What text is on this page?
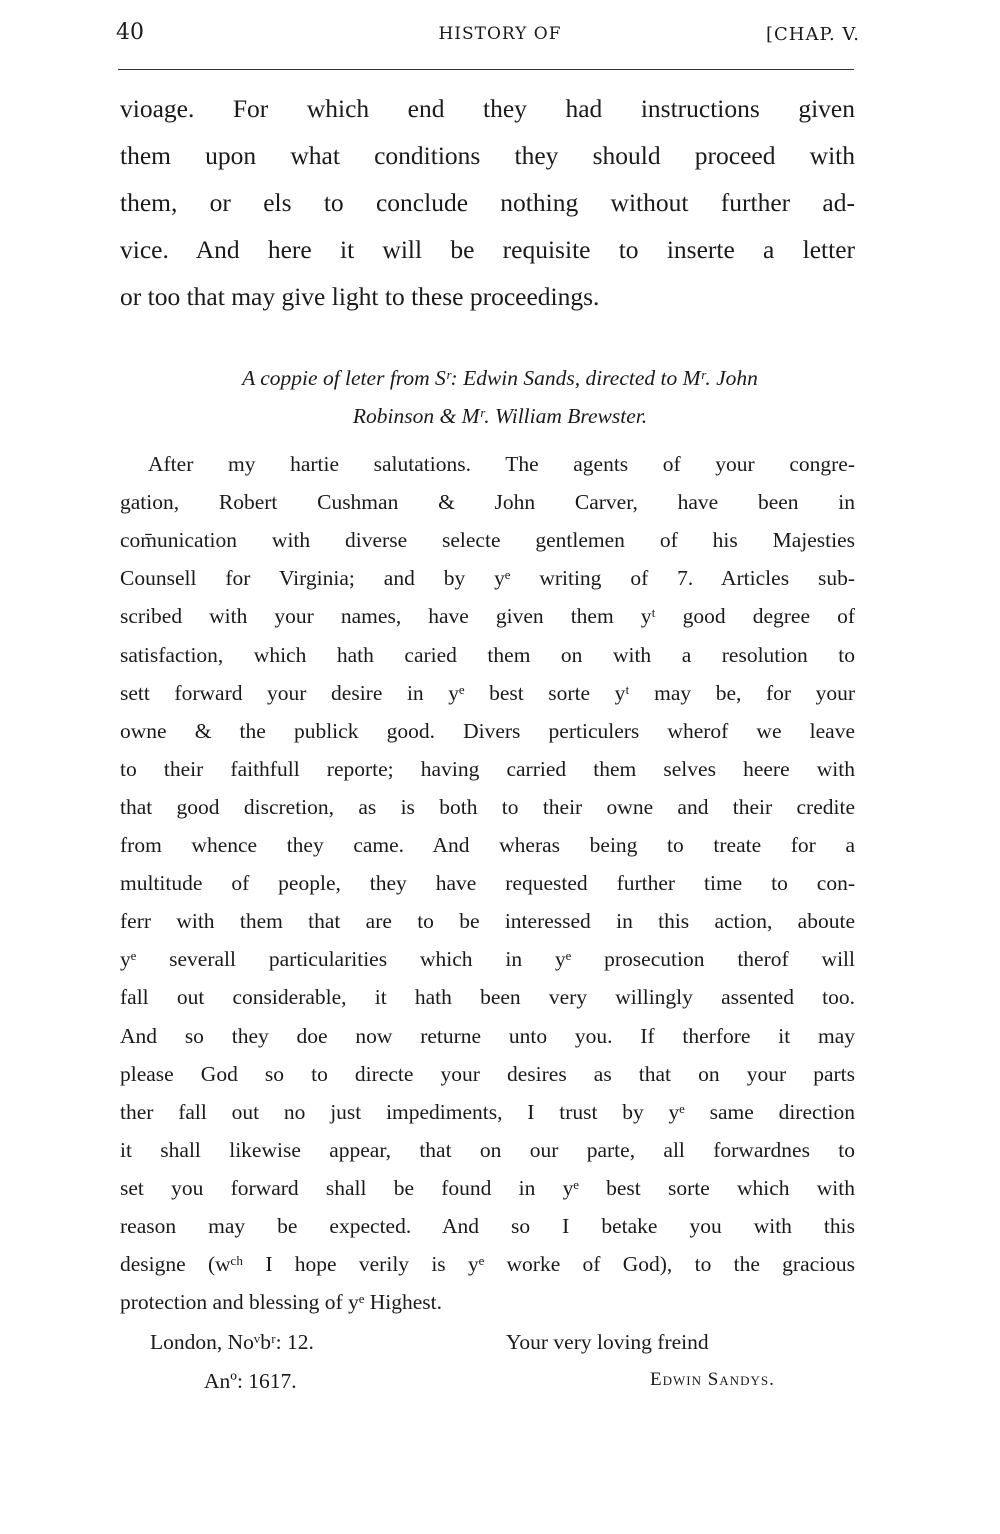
40	HISTORY OF	[CHAP. V.
vioage. For which end they had instructions given
them upon what conditions they should proceed with
them, or els to conclude nothing without further ad-
vice. And here it will be requisite to inserte a letter
or too that may give light to these proceedings.
A coppie of leter from Sʳ: Edwin Sands, directed to Mʳ. John
Robinson & Mʳ. William Brewster.
After my hartie salutations. The agents of your congre-
gation, Robert Cushman & John Carver, have been in
com̄unication with diverse selecte gentlemen of his Majesties
Counsell for Virginia; and by yᵉ writing of 7. Articles sub-
scribed with your names, have given them yᵗ good degree of
satisfaction, which hath caried them on with a resolution to
sett forward your desire in yᵉ best sorte yᵗ may be, for your
owne & the publick good. Divers perticulers wherof we leave
to their faithfull reporte; having carried them selves heere with
that good discretion, as is both to their owne and their credite
from whence they came. And wheras being to treate for a
multitude of people, they have requested further time to con-
ferr with them that are to be interessed in this action, aboute
yᵉ severall particularities which in yᵉ prosecution therof will
fall out considerable, it hath been very willingly assented too.
And so they doe now returne unto you. If therfore it may
please God so to directe your desires as that on your parts
ther fall out no just impediments, I trust by yᵉ same direction
it shall likewise appear, that on our parte, all forwardnes to
set you forward shall be found in yᵉ best sorte which with
reason may be expected. And so I betake you with this
designe (wᶜʰ I hope verily is yᵉ worke of God), to the gracious
protection and blessing of yᵉ Highest.
London, Noᵛbʳ: 12.
Anº: 1617.
Your very loving freind
Edwin Sandys.
